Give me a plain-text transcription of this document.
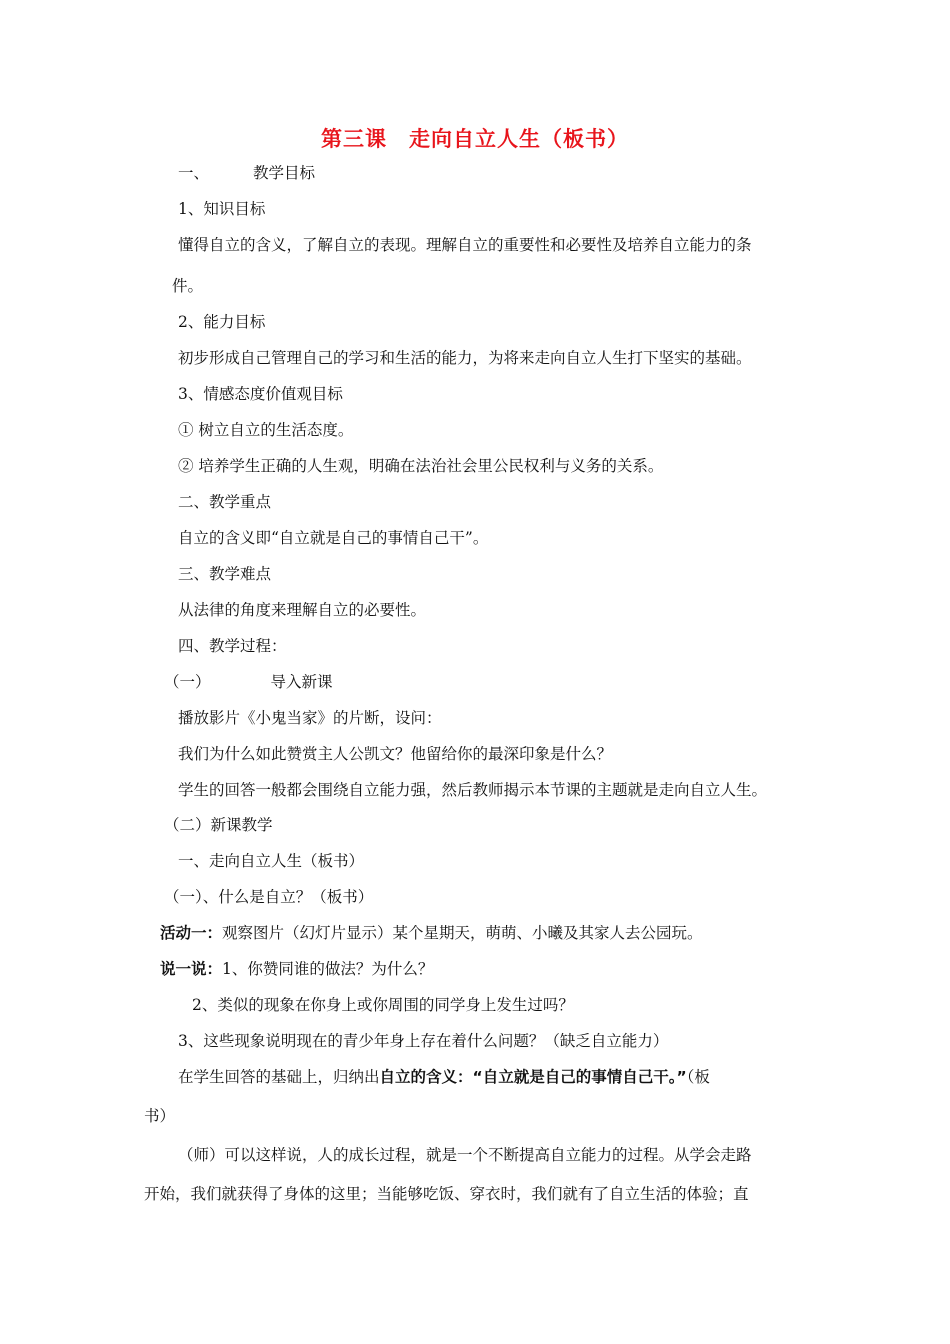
第三课　走向自立人生（板书）
一、	教学目标
1、知识目标
懂得自立的含义，了解自立的表现。理解自立的重要性和必要性及培养自立能力的条
件。
2、能力目标
初步形成自己管理自己的学习和生活的能力，为将来走向自立人生打下坚实的基础。
3、情感态度价值观目标
① 树立自立的生活态度。
② 培养学生正确的人生观，明确在法治社会里公民权利与义务的关系。
二、教学重点
自立的含义即“自立就是自己的事情自己干”。
三、教学难点
从法律的角度来理解自立的必要性。
四、教学过程：
（一）	导入新课
播放影片《小鬼当家》的片断，设问：
我们为什么如此赞赏主人公凯文？他留给你的最深印象是什么？
学生的回答一般都会围绕自立能力强，然后教师揭示本节课的主题就是走向自立人生。
（二）新课教学
一、走向自立人生（板书）
（一）、什么是自立？（板书）
活动一：观察图片（幻灯片显示）某个星期天，萌萌、小曦及其家人去公园玩。
说一说：1、你赞同谁的做法？为什么？
2、类似的现象在你身上或你周围的同学身上发生过吗？
3、这些现象说明现在的青少年身上存在着什么问题？（缺乏自立能力）
在学生回答的基础上，归纳出自立的含义：“自立就是自己的事情自己干。”（板
书）
（师）可以这样说，人的成长过程，就是一个不断提高自立能力的过程。从学会走路
开始，我们就获得了身体的这里；当能够吃饭、穿衣时，我们就有了自立生活的体验；直
